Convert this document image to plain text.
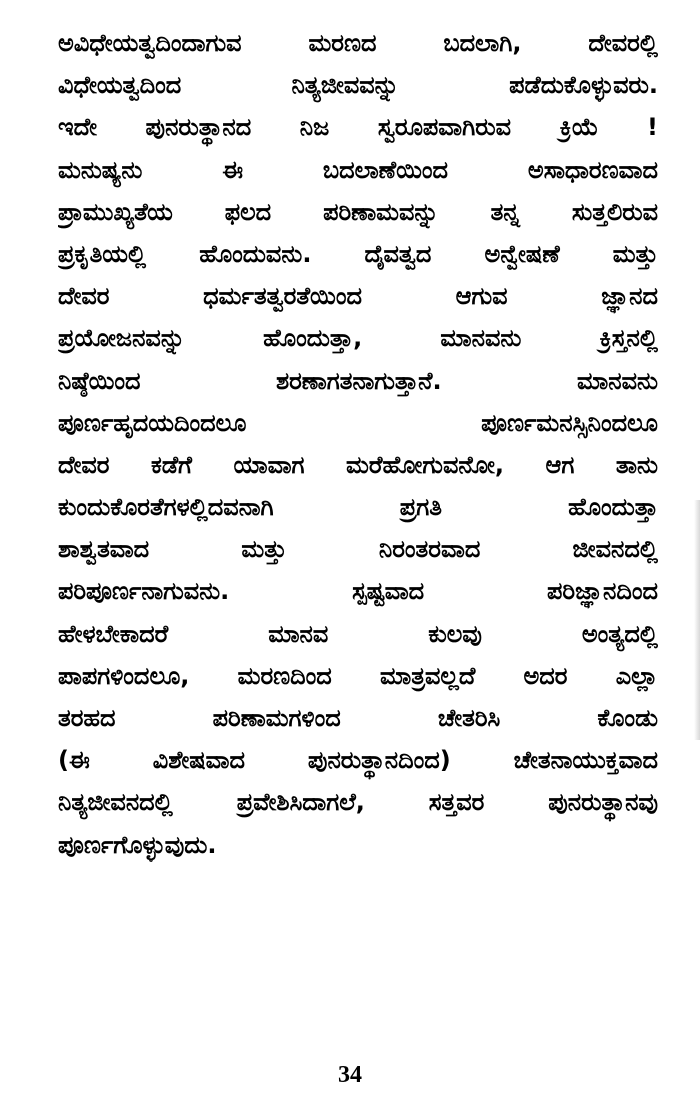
ಅವಿಧೇಯತ್ವದಿಂದಾಗುವ ಮರಣದ ಬದಲಾಗಿ, ದೇವರಲ್ಲಿ
ವಿಧೇಯತ್ವದಿಂದ ನಿತ್ಯಜೀವವನ್ನು ಪಡೆದುಕೊಳ್ಳುವರು.
ಇದೇ ಪುನರುತ್ಥಾನದ ನಿಜ ಸ್ವರೂಪವಾಗಿರುವ ಕ್ರಿಯೆ !
ಮನುಷ್ಯನು ಈ ಬದಲಾಣೆಯಿಂದ ಅಸಾಧಾರಣವಾದ
ಪ್ರಾಮುಖ್ಯತೆಯ ಫಲದ ಪರಿಣಾಮವನ್ನು ತನ್ನ ಸುತ್ತಲಿರುವ
ಪ್ರಕೃತಿಯಲ್ಲಿ ಹೊಂದುವನು. ದೈವತ್ವದ ಅನ್ವೇಷಣೆ ಮತ್ತು
ದೇವರ ಧರ್ಮತತ್ವರತೆಯಿಂದ ಆಗುವ ಜ್ಞಾನದ
ಪ್ರಯೋಜನವನ್ನು ಹೊಂದುತ್ತಾ, ಮಾನವನು ಕ್ರಿಸ್ತನಲ್ಲಿ
ನಿಷ್ಠೆಯಿಂದ ಶರಣಾಗತನಾಗುತ್ತಾನೆ. ಮಾನವನು
ಪೂರ್ಣಹೃದಯದಿಂದಲೂ ಪೂರ್ಣಮನಸ್ಸಿನಿಂದಲೂ
ದೇವರ ಕಡೆಗೆ ಯಾವಾಗ ಮರೆಹೋಗುವನೋ, ಆಗ ತಾನು
ಕುಂದುಕೊರತೆಗಳಲ್ಲಿದವನಾಗಿ ಪ್ರಗತಿ ಹೊಂದುತ್ತಾ
ಶಾಶ್ವತವಾದ ಮತ್ತು ನಿರಂತರವಾದ ಜೀವನದಲ್ಲಿ
ಪರಿಪೂರ್ಣನಾಗುವನು. ಸ್ಪಷ್ಟವಾದ ಪರಿಜ್ಞಾನದಿಂದ
ಹೇಳಬೇಕಾದರೆ ಮಾನವ ಕುಲವು ಅಂತ್ಯದಲ್ಲಿ
ಪಾಪಗಳಿಂದಲೂ, ಮರಣದಿಂದ ಮಾತ್ರವಲ್ಲದೆ ಅದರ ಎಲ್ಲಾ
ತರಹದ ಪರಿಣಾಮಗಳಿಂದ ಚೇತರಿಸಿ ಕೊಂಡು
(ಈ ವಿಶೇಷವಾದ ಪುನರುತ್ಥಾನದಿಂದ) ಚೇತನಾಯುಕ್ತವಾದ
ನಿತ್ಯಜೀವನದಲ್ಲಿ ಪ್ರವೇಶಿಸಿದಾಗಲೆ, ಸತ್ತವರ ಪುನರುತ್ಥಾನವು
ಪೂರ್ಣಗೊಳ್ಳುವುದು.
34
